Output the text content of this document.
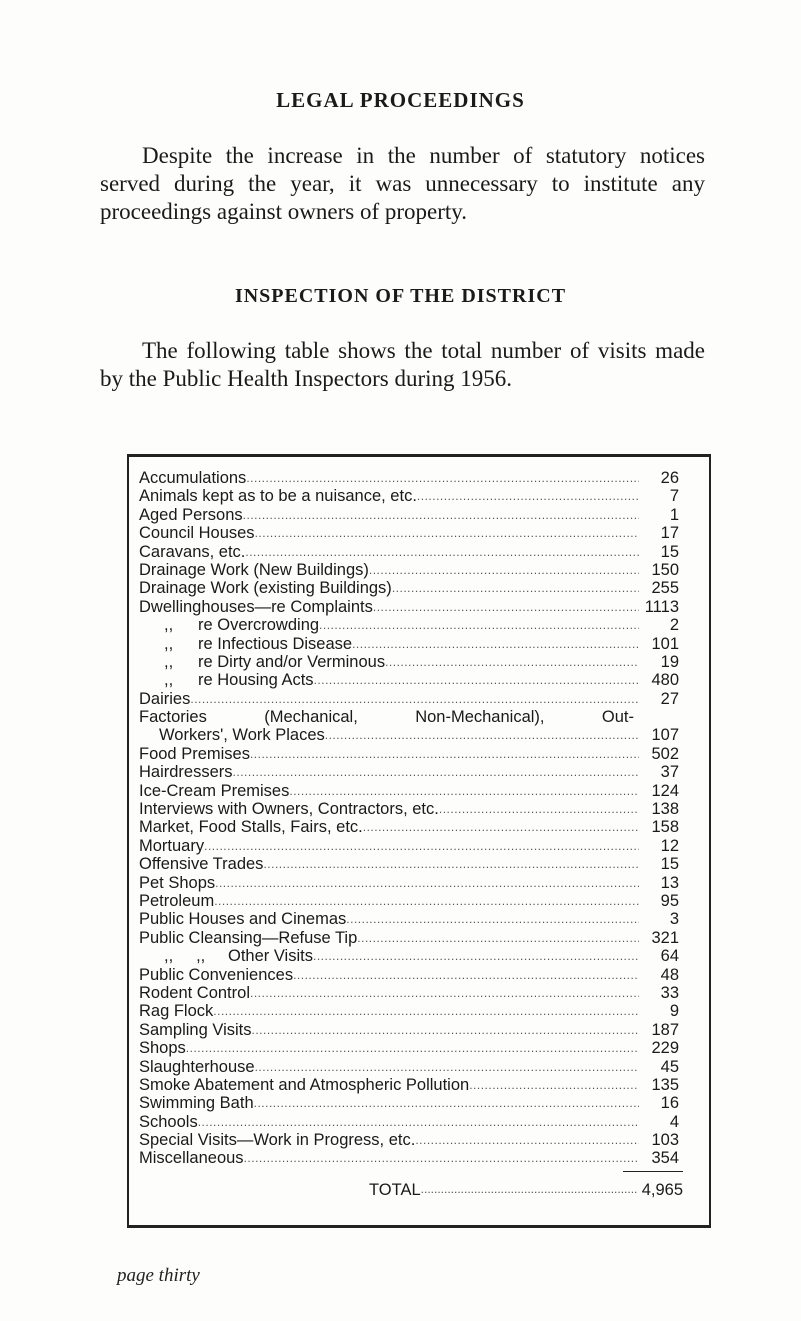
LEGAL PROCEEDINGS
Despite the increase in the number of statutory notices served during the year, it was unnecessary to institute any proceedings against owners of property.
INSPECTION OF THE DISTRICT
The following table shows the total number of visits made by the Public Health Inspectors during 1956.
Accumulations .....	26
Animals kept as to be a nuisance, etc. .....	7
Aged Persons .....	1
Council Houses .....	17
Caravans, etc. .....	15
Drainage Work (New Buildings) .....	150
Drainage Work (existing Buildings) .....	255
Dwellinghouses—re Complaints .....	1113
,, re Overcrowding .....	2
,, re Infectious Disease .....	101
,, re Dirty and/or Verminous .....	19
,, re Housing Acts .....	480
Dairies .....	27
Factories	(Mechanical,	Non-Mechanical),	Out-
Workers', Work Places .....	107
Food Premises .....	502
Hairdressers .....	37
Ice-Cream Premises .....	124
Interviews with Owners, Contractors, etc. .....	138
Market, Food Stalls, Fairs, etc. .....	158
Mortuary .....	12
Offensive Trades .....	15
Pet Shops .....	13
Petroleum .....	95
Public Houses and Cinemas .....	3
Public Cleansing—Refuse Tip .....	321
,,     ,, Other Visits .....	64
Public Conveniences .....	48
Rodent Control .....	33
Rag Flock .....	9
Sampling Visits .....	187
Shops .....	229
Slaughterhouse .....	45
Smoke Abatement and Atmospheric Pollution .....	135
Swimming Bath .....	16
Schools .....	4
Special Visits—Work in Progress, etc. .....	103
Miscellaneous .....	354
TOTAL .....	4,965
page thirty
